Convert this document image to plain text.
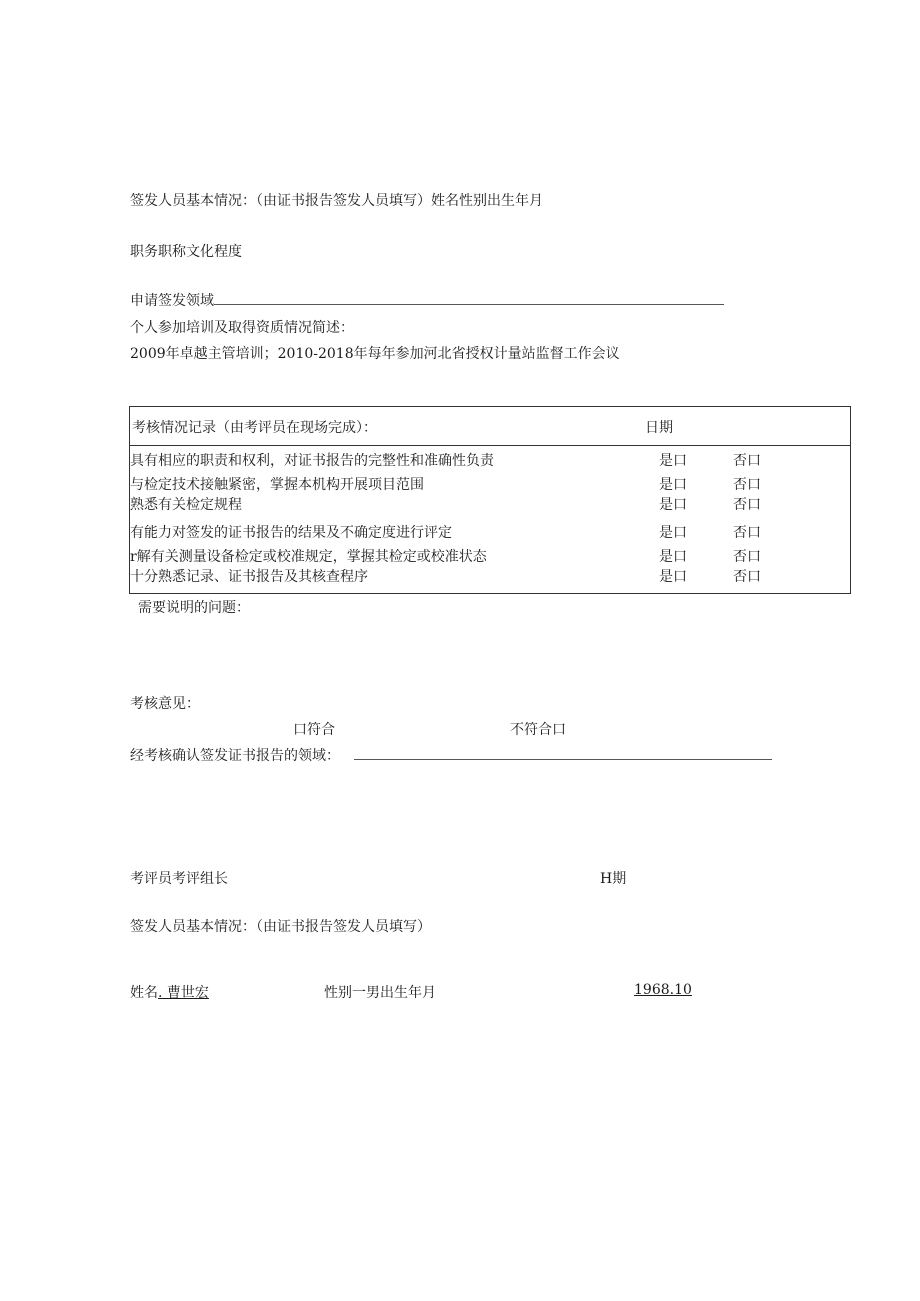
签发人员基本情况：（由证书报告签发人员填写）姓名性别出生年月
职务职称文化程度
申请签发领域
个人参加培训及取得资质情况简述：
2009年卓越主管培训；2010-2018年每年参加河北省授权计量站监督工作会议
考核情况记录（由考评员在现场完成）：	日期
具有相应的职责和权利，对证书报告的完整性和准确性负责	是口	否口
与检定技术接触紧密，掌握本机构开展项目范围	是口	否口
熟悉有关检定规程	是口	否口
有能力对签发的证书报告的结果及不确定度进行评定	是口	否口
r解有关测量设备检定或校准规定，掌握其检定或校准状态	是口	否口
十分熟悉记录、证书报告及其核查程序	是口	否口
需要说明的问题：
考核意见：
口符合	不符合口
经考核确认签发证书报告的领域：
考评员考评组长	H期
签发人员基本情况：（由证书报告签发人员填写）
姓名 . 曹世宏	性别一男出生年月	1968.10
